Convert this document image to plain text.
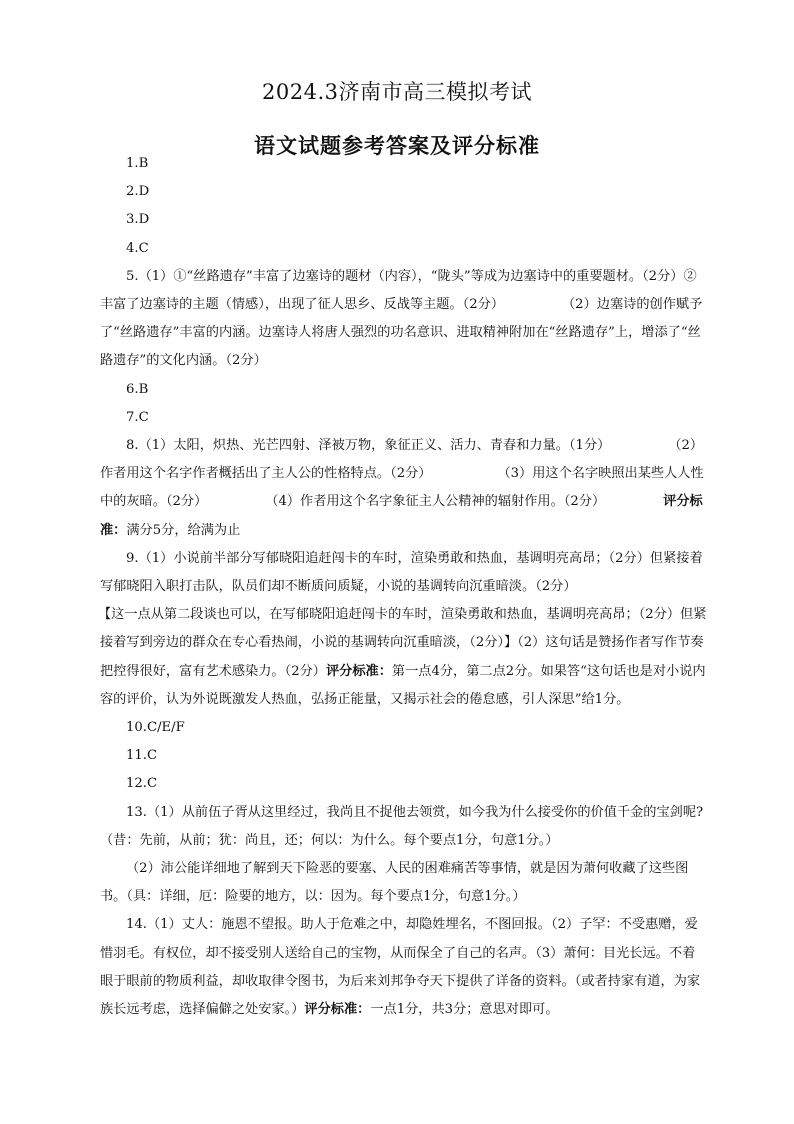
2024.3济南市高三模拟考试
语文试题参考答案及评分标准

1.B

2.D

3.D

4.C

5.（1）①“丝路遗存”丰富了边塞诗的题材（内容），“陇头”等成为边塞诗中的重要题材。（2分）②丰富了边塞诗的主题（情感），出现了征人思乡、反战等主题。（2分）	（2）边塞诗的创作赋予了“丝路遗存”丰富的内涵。边塞诗人将唐人强烈的功名意识、进取精神附加在“丝路遗存”上，增添了“丝路遗存”的文化内涵。（2分）

6.B

7.C

8.（1）太阳，炽热、光芒四射、泽被万物，象征正义、活力、青春和力量。（1分）	（2）作者用这个名字作者概括出了主人公的性格特点。（2分）	（3）用这个名字映照出某些人人性中的灰暗。（2分）	（4）作者用这个名字象征主人公精神的辐射作用。（2分）	评分标准：满分5分，给满为止

9.（1）小说前半部分写郁晓阳追赶闯卡的车时，渲染勇敢和热血，基调明亮高昂；（2分）但紧接着写郁晓阳入职打击队，队员们却不断质问质疑，小说的基调转向沉重暗淡。（2分）

【这一点从第二段谈也可以，在写郁晓阳追赶闯卡的车时，渲染勇敢和热血，基调明亮高昂；（2分）但紧接着写到旁边的群众在专心看热闹，小说的基调转向沉重暗淡，（2分）】（2）这句话是赞扬作者写作节奏把控得很好，富有艺术感染力。（2分）评分标准：第一点4分，第二点2分。如果答“这句话也是对小说内容的评价，认为外说既激发人热血，弘扬正能量，又揭示社会的倦怠感，引人深思”给1分。

10.C/E/F

11.C

12.C

13.（1）从前伍子胥从这里经过，我尚且不捉他去领赏，如今我为什么接受你的价值千金的宝剑呢?（昔：先前，从前；犹：尚且，还；何以：为什么。每个要点1分，句意1分。）

（2）沛公能详细地了解到天下险恶的要塞、人民的困难痛苦等事情，就是因为萧何收藏了这些图书。（具：详细，厄：险要的地方，以：因为。每个要点1分，句意1分。）

14.（1）丈人：施恩不望报。助人于危难之中，却隐姓埋名，不图回报。（2）子罕：不受惠赠，爱惜羽毛。有权位，却不接受别人送给自己的宝物，从而保全了自己的名声。（3）萧何：目光长远。不着眼于眼前的物质利益，却收取律令图书，为后来刘邦争夺天下提供了详备的资料。（或者持家有道，为家族长远考虑，选择偏僻之处安家。）评分标准：一点1分，共3分；意思对即可。
